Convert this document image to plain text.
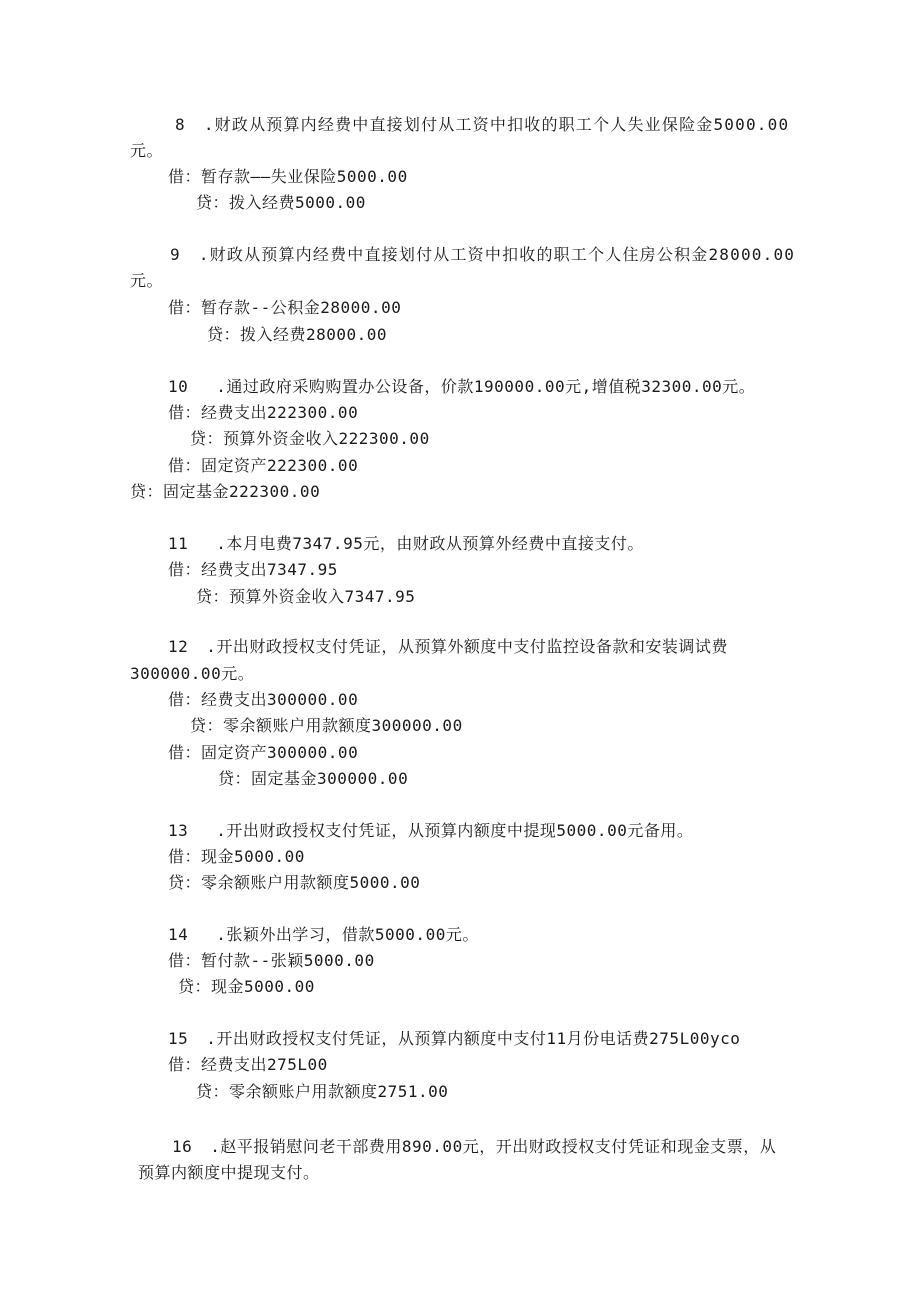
8 .财政从预算内经费中直接划付从工资中扣收的职工个人失业保险金5000.00
元。
借：暂存款——失业保险5000.00
贷：拨入经费5000.00
9 .财政从预算内经费中直接划付从工资中扣收的职工个人住房公积金28000.00
元。
借：暂存款--公积金28000.00
贷：拨入经费28000.00
10 .通过政府采购购置办公设备，价款190000.00元,增值税32300.00元。
借：经费支出222300.00
贷：预算外资金收入222300.00
借：固定资产222300.00
贷：固定基金222300.00
11 .本月电费7347.95元，由财政从预算外经费中直接支付。
借：经费支出7347.95
贷：预算外资金收入7347.95
12 .开出财政授权支付凭证，从预算外额度中支付监控设备款和安装调试费
300000.00元。
借：经费支出300000.00
贷：零余额账户用款额度300000.00
借：固定资产300000.00
贷：固定基金300000.00
13 .开出财政授权支付凭证，从预算内额度中提现5000.00元备用。
借：现金5000.00
贷：零余额账户用款额度5000.00
14 .张颖外出学习，借款5000.00元。
借：暂付款--张颖5000.00
贷：现金5000.00
15 .开出财政授权支付凭证，从预算内额度中支付11月份电话费275L00yco
借：经费支出275L00
贷：零余额账户用款额度2751.00
16 .赵平报销慰问老干部费用890.00元，开出财政授权支付凭证和现金支票，从
预算内额度中提现支付。
